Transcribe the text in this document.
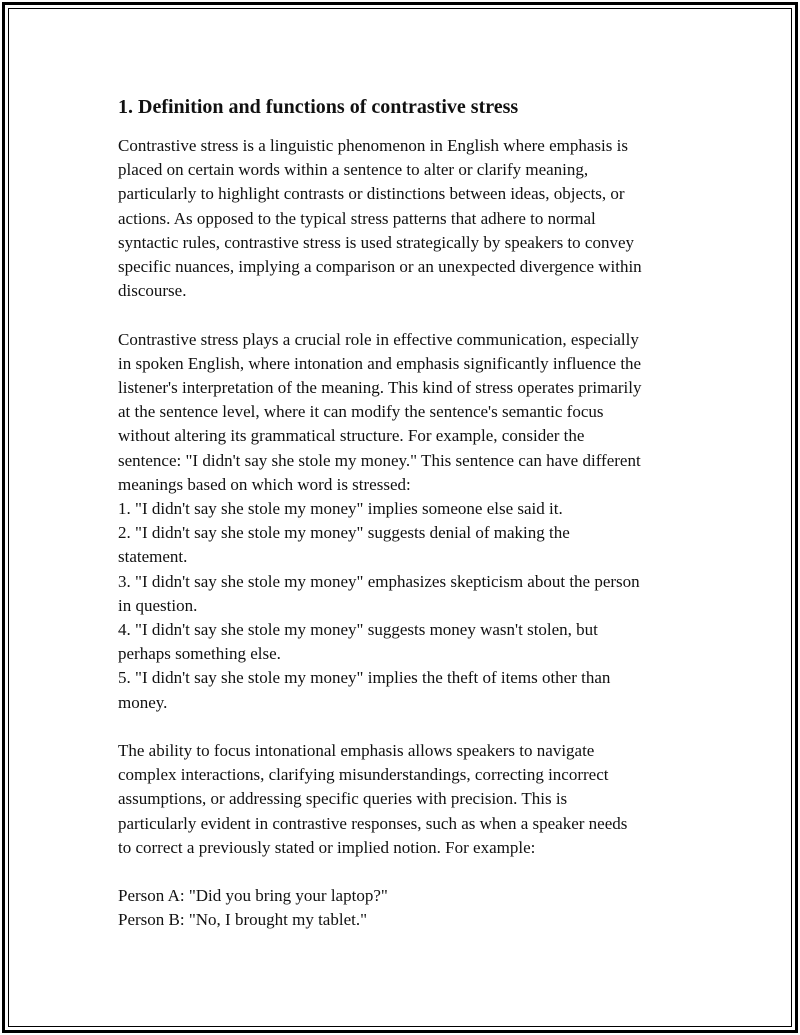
1. Definition and functions of contrastive stress

Contrastive stress is a linguistic phenomenon in English where emphasis is
placed on certain words within a sentence to alter or clarify meaning,
particularly to highlight contrasts or distinctions between ideas, objects, or
actions. As opposed to the typical stress patterns that adhere to normal
syntactic rules, contrastive stress is used strategically by speakers to convey
specific nuances, implying a comparison or an unexpected divergence within
discourse.

Contrastive stress plays a crucial role in effective communication, especially
in spoken English, where intonation and emphasis significantly influence the
listener's interpretation of the meaning. This kind of stress operates primarily
at the sentence level, where it can modify the sentence's semantic focus
without altering its grammatical structure. For example, consider the
sentence: "I didn't say she stole my money." This sentence can have different
meanings based on which word is stressed:
1. "I didn't say she stole my money" implies someone else said it.
2. "I didn't say she stole my money" suggests denial of making the
statement.
3. "I didn't say she stole my money" emphasizes skepticism about the person
in question.
4. "I didn't say she stole my money" suggests money wasn't stolen, but
perhaps something else.
5. "I didn't say she stole my money" implies the theft of items other than
money.

The ability to focus intonational emphasis allows speakers to navigate
complex interactions, clarifying misunderstandings, correcting incorrect
assumptions, or addressing specific queries with precision. This is
particularly evident in contrastive responses, such as when a speaker needs
to correct a previously stated or implied notion. For example:

Person A: "Did you bring your laptop?"
Person B: "No, I brought my tablet."
